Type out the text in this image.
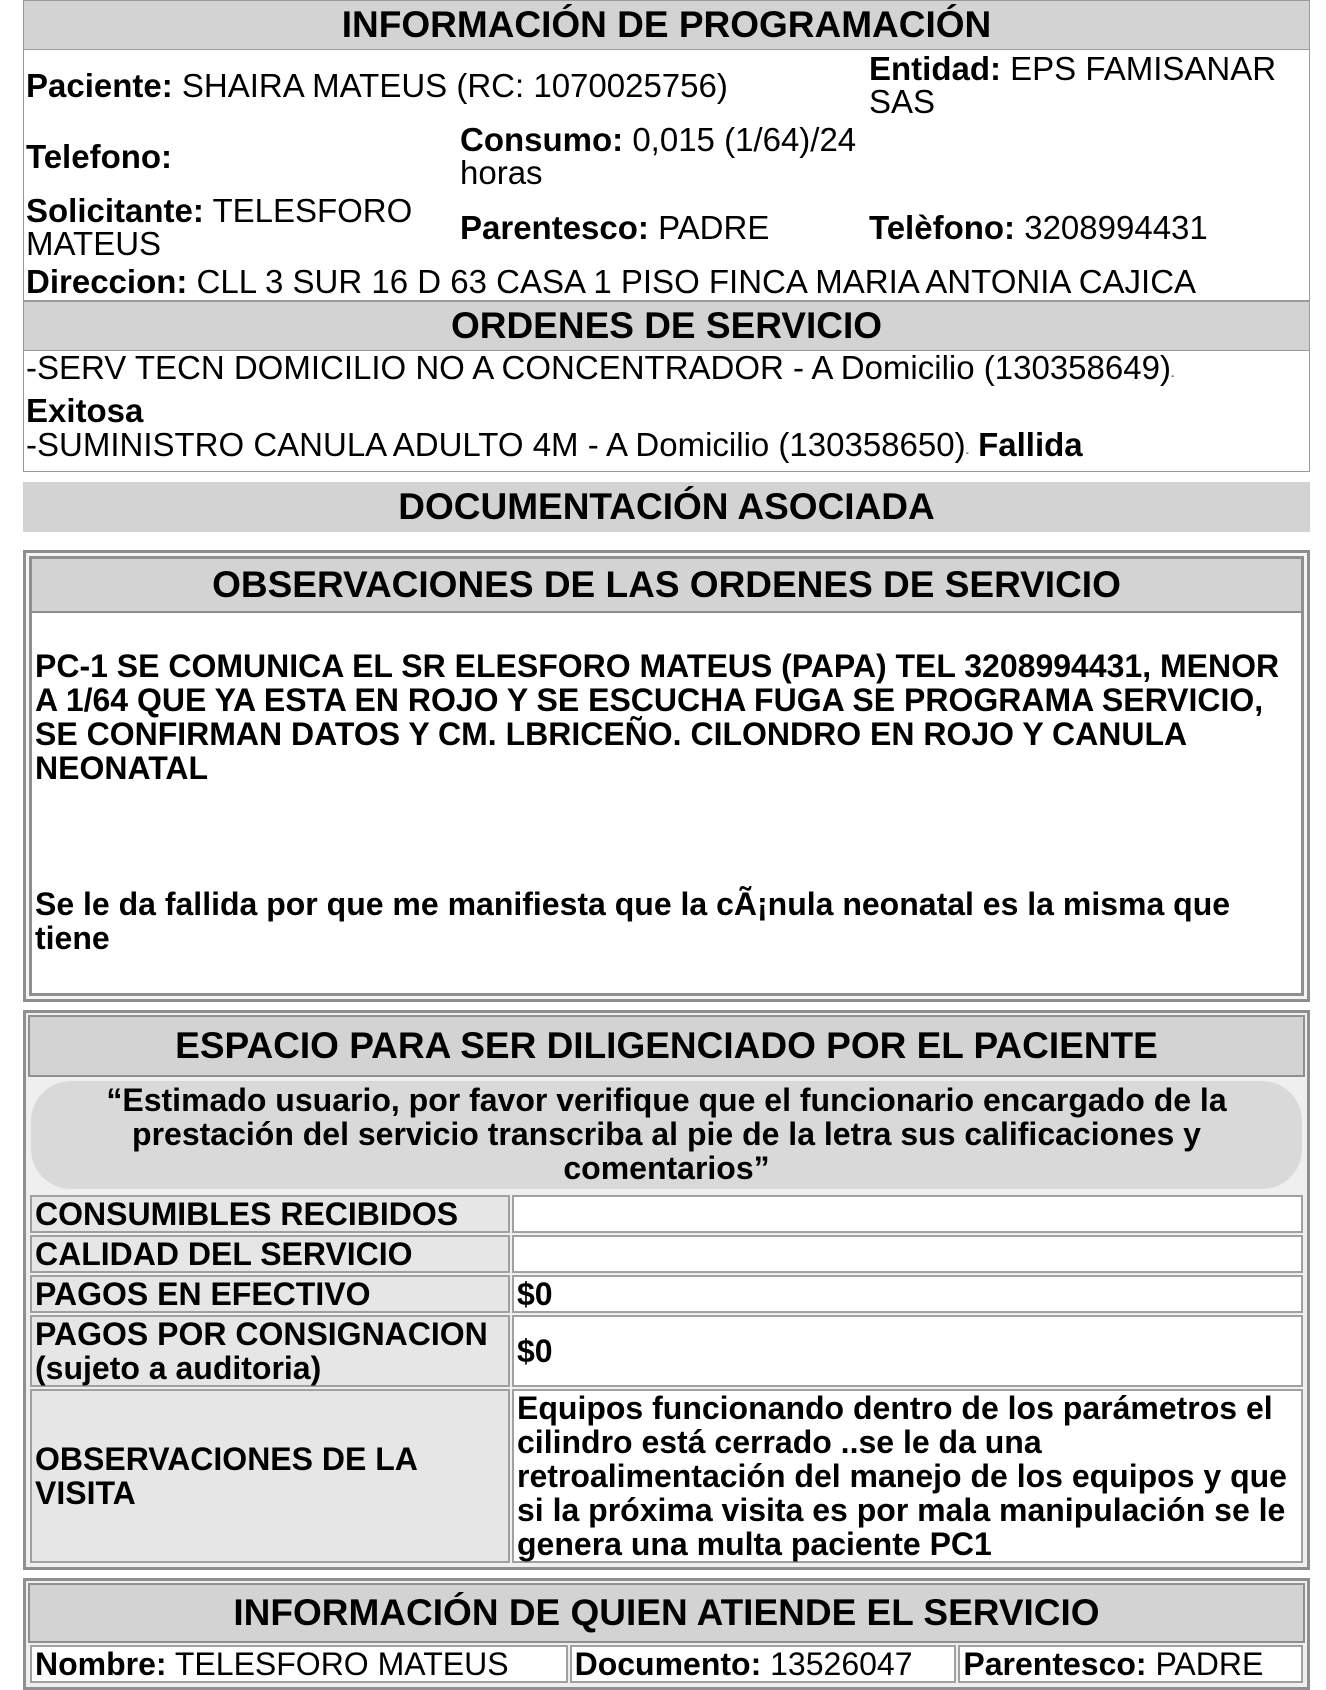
INFORMACIÓN DE PROGRAMACIÓN
Paciente: SHAIRA MATEUS (RC: 1070025756)		Entidad: EPS FAMISANAR SAS
Telefono:	Consumo: 0,015 (1/64)/24 horas	
Solicitante: TELESFORO MATEUS	Parentesco: PADRE	Telèfono: 3208994431
Direccion: CLL 3 SUR 16 D 63 CASA 1 PISO FINCA MARIA ANTONIA CAJICA		
ORDENES DE SERVICIO
-SERV TECN DOMICILIO NO A CONCENTRADOR - A Domicilio (130358649)-
Exitosa
-SUMINISTRO CANULA ADULTO 4M - A Domicilio (130358650)- Fallida
DOCUMENTACIÓN ASOCIADA
OBSERVACIONES DE LAS ORDENES DE SERVICIO

PC-1 SE COMUNICA EL SR ELESFORO MATEUS (PAPA) TEL 3208994431, MENOR A 1/64 QUE YA ESTA EN ROJO Y SE ESCUCHA FUGA SE PROGRAMA SERVICIO, SE CONFIRMAN DATOS Y CM. LBRICEÑO. CILONDRO EN ROJO Y CANULA NEONATAL

Se le da fallida por que me manifiesta que la cÃ¡nula neonatal es la misma que tiene

ESPACIO PARA SER DILIGENCIADO POR EL PACIENTE
“Estimado usuario, por favor verifique que el funcionario encargado de la prestación del servicio transcriba al pie de la letra sus calificaciones y comentarios”
CONSUMIBLES RECIBIDOS	
CALIDAD DEL SERVICIO	
PAGOS EN EFECTIVO	$0
PAGOS POR CONSIGNACION (sujeto a auditoria)	$0
OBSERVACIONES DE LA VISITA	Equipos funcionando dentro de los parámetros el cilindro está cerrado ..se le da una retroalimentación del manejo de los equipos y que si la próxima visita es por mala manipulación se le genera una multa paciente PC1
INFORMACIÓN DE QUIEN ATIENDE EL SERVICIO
Nombre: TELESFORO MATEUS	Documento: 13526047	Parentesco: PADRE
